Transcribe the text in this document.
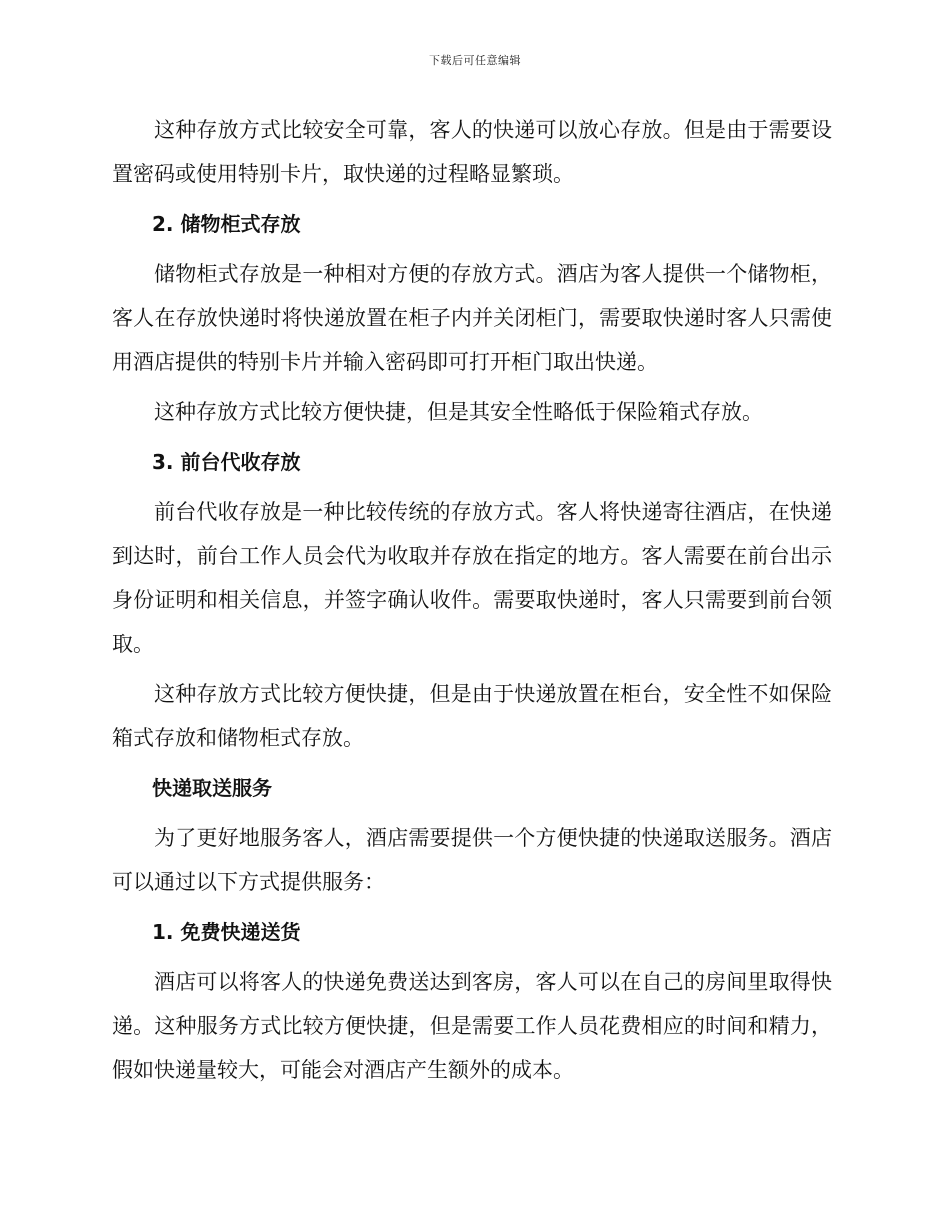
下载后可任意编辑

这种存放方式比较安全可靠，客人的快递可以放心存放。但是由于需要设置密码或使用特别卡片，取快递的过程略显繁琐。

2. 储物柜式存放

储物柜式存放是一种相对方便的存放方式。酒店为客人提供一个储物柜，客人在存放快递时将快递放置在柜子内并关闭柜门，需要取快递时客人只需使用酒店提供的特别卡片并输入密码即可打开柜门取出快递。

这种存放方式比较方便快捷，但是其安全性略低于保险箱式存放。

3. 前台代收存放

前台代收存放是一种比较传统的存放方式。客人将快递寄往酒店，在快递到达时，前台工作人员会代为收取并存放在指定的地方。客人需要在前台出示身份证明和相关信息，并签字确认收件。需要取快递时，客人只需要到前台领取。

这种存放方式比较方便快捷，但是由于快递放置在柜台，安全性不如保险箱式存放和储物柜式存放。

快递取送服务

为了更好地服务客人，酒店需要提供一个方便快捷的快递取送服务。酒店可以通过以下方式提供服务：

1. 免费快递送货

酒店可以将客人的快递免费送达到客房，客人可以在自己的房间里取得快递。这种服务方式比较方便快捷，但是需要工作人员花费相应的时间和精力，假如快递量较大，可能会对酒店产生额外的成本。
